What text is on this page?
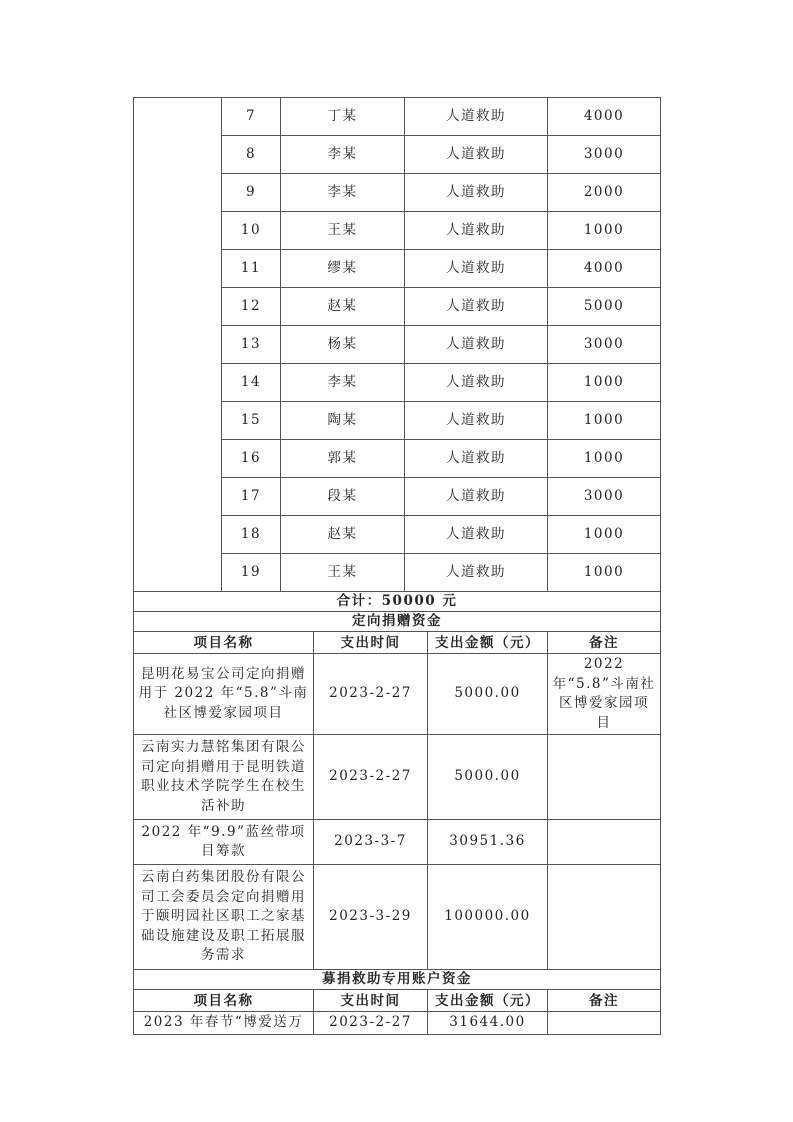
	7	丁某	人道救助	4000
	8	李某	人道救助	3000
	9	李某	人道救助	2000
	10	王某	人道救助	1000
	11	缪某	人道救助	4000
	12	赵某	人道救助	5000
	13	杨某	人道救助	3000
	14	李某	人道救助	1000
	15	陶某	人道救助	1000
	16	郭某	人道救助	1000
	17	段某	人道救助	3000
	18	赵某	人道救助	1000
	19	王某	人道救助	1000
合计：50000 元				
定向捐赠资金			
项目名称	支出时间	支出金额（元）	备注
昆明花易宝公司定向捐赠用于 2022 年“5.8”斗南社区博爱家园项目	2023-2-27	5000.00	2022 年“5.8”斗南社区博爱家园项目
云南实力慧铭集团有限公司定向捐赠用于昆明铁道职业技术学院学生在校生活补助	2023-2-27	5000.00	
2022 年“9.9”蓝丝带项目筹款	2023-3-7	30951.36	
云南白药集团股份有限公司工会委员会定向捐赠用于颐明园社区职工之家基础设施建设及职工拓展服务需求	2023-3-29	100000.00	
募捐救助专用账户资金			
项目名称	支出时间	支出金额（元）	备注
2023 年春节“博爱送万	2023-2-27	31644.00	
